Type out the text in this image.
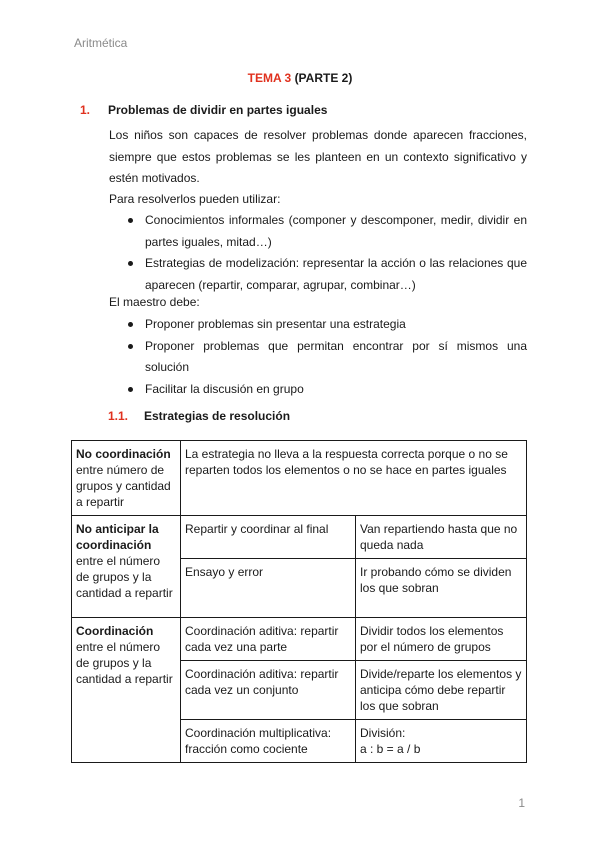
Aritmética
TEMA 3 (PARTE 2)
1. Problemas de dividir en partes iguales
Los niños son capaces de resolver problemas donde aparecen fracciones, siempre que estos problemas se les planteen en un contexto significativo y estén motivados.
Para resolverlos pueden utilizar:
Conocimientos informales (componer y descomponer, medir, dividir en partes iguales, mitad…)
Estrategias de modelización: representar la acción o las relaciones que aparecen (repartir, comparar, agrupar, combinar…)
El maestro debe:
Proponer problemas sin presentar una estrategia
Proponer problemas que permitan encontrar por sí mismos una solución
Facilitar la discusión en grupo
1.1. Estrategias de resolución
No coordinación entre número de grupos y cantidad a repartir	La estrategia no lleva a la respuesta correcta porque o no se reparten todos los elementos o no se hace en partes iguales	
No anticipar la coordinación entre el número de grupos y la cantidad a repartir	Repartir y coordinar al final	Van repartiendo hasta que no queda nada
	Ensayo y error	Ir probando cómo se dividen los que sobran
Coordinación entre el número de grupos y la cantidad a repartir	Coordinación aditiva: repartir cada vez una parte	Dividir todos los elementos por el número de grupos
	Coordinación aditiva: repartir cada vez un conjunto	Divide/reparte los elementos y anticipa cómo debe repartir los que sobran
	Coordinación multiplicativa: fracción como cociente	División:
a : b = a / b
1
